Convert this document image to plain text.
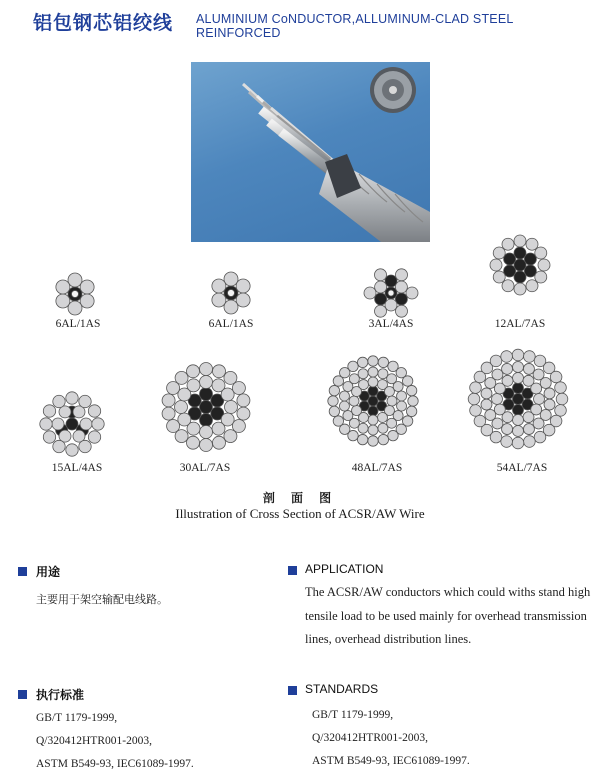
铝包钢芯铝绞线 ALUMINIUM CoNDUCTOR,ALLUMINUM-CLAD STEEL REINFORCED
6AL/1AS	6AL/1AS	3AL/4AS	12AL/7AS
15AL/4AS	30AL/7AS	48AL/7AS	54AL/7AS
剖 面 图
Illustration of Cross Section of ACSR/AW Wire
用途
主要用于架空输配电线路。
APPLICATION
The ACSR/AW conductors which could withs stand high tensile load to be used mainly for overhead transmission lines, overhead distribution lines.
执行标准
GB/T 1179-1999,
Q/320412HTR001-2003,
ASTM B549-93, IEC61089-1997.
STANDARDS
GB/T 1179-1999,
Q/320412HTR001-2003,
ASTM B549-93, IEC61089-1997.
